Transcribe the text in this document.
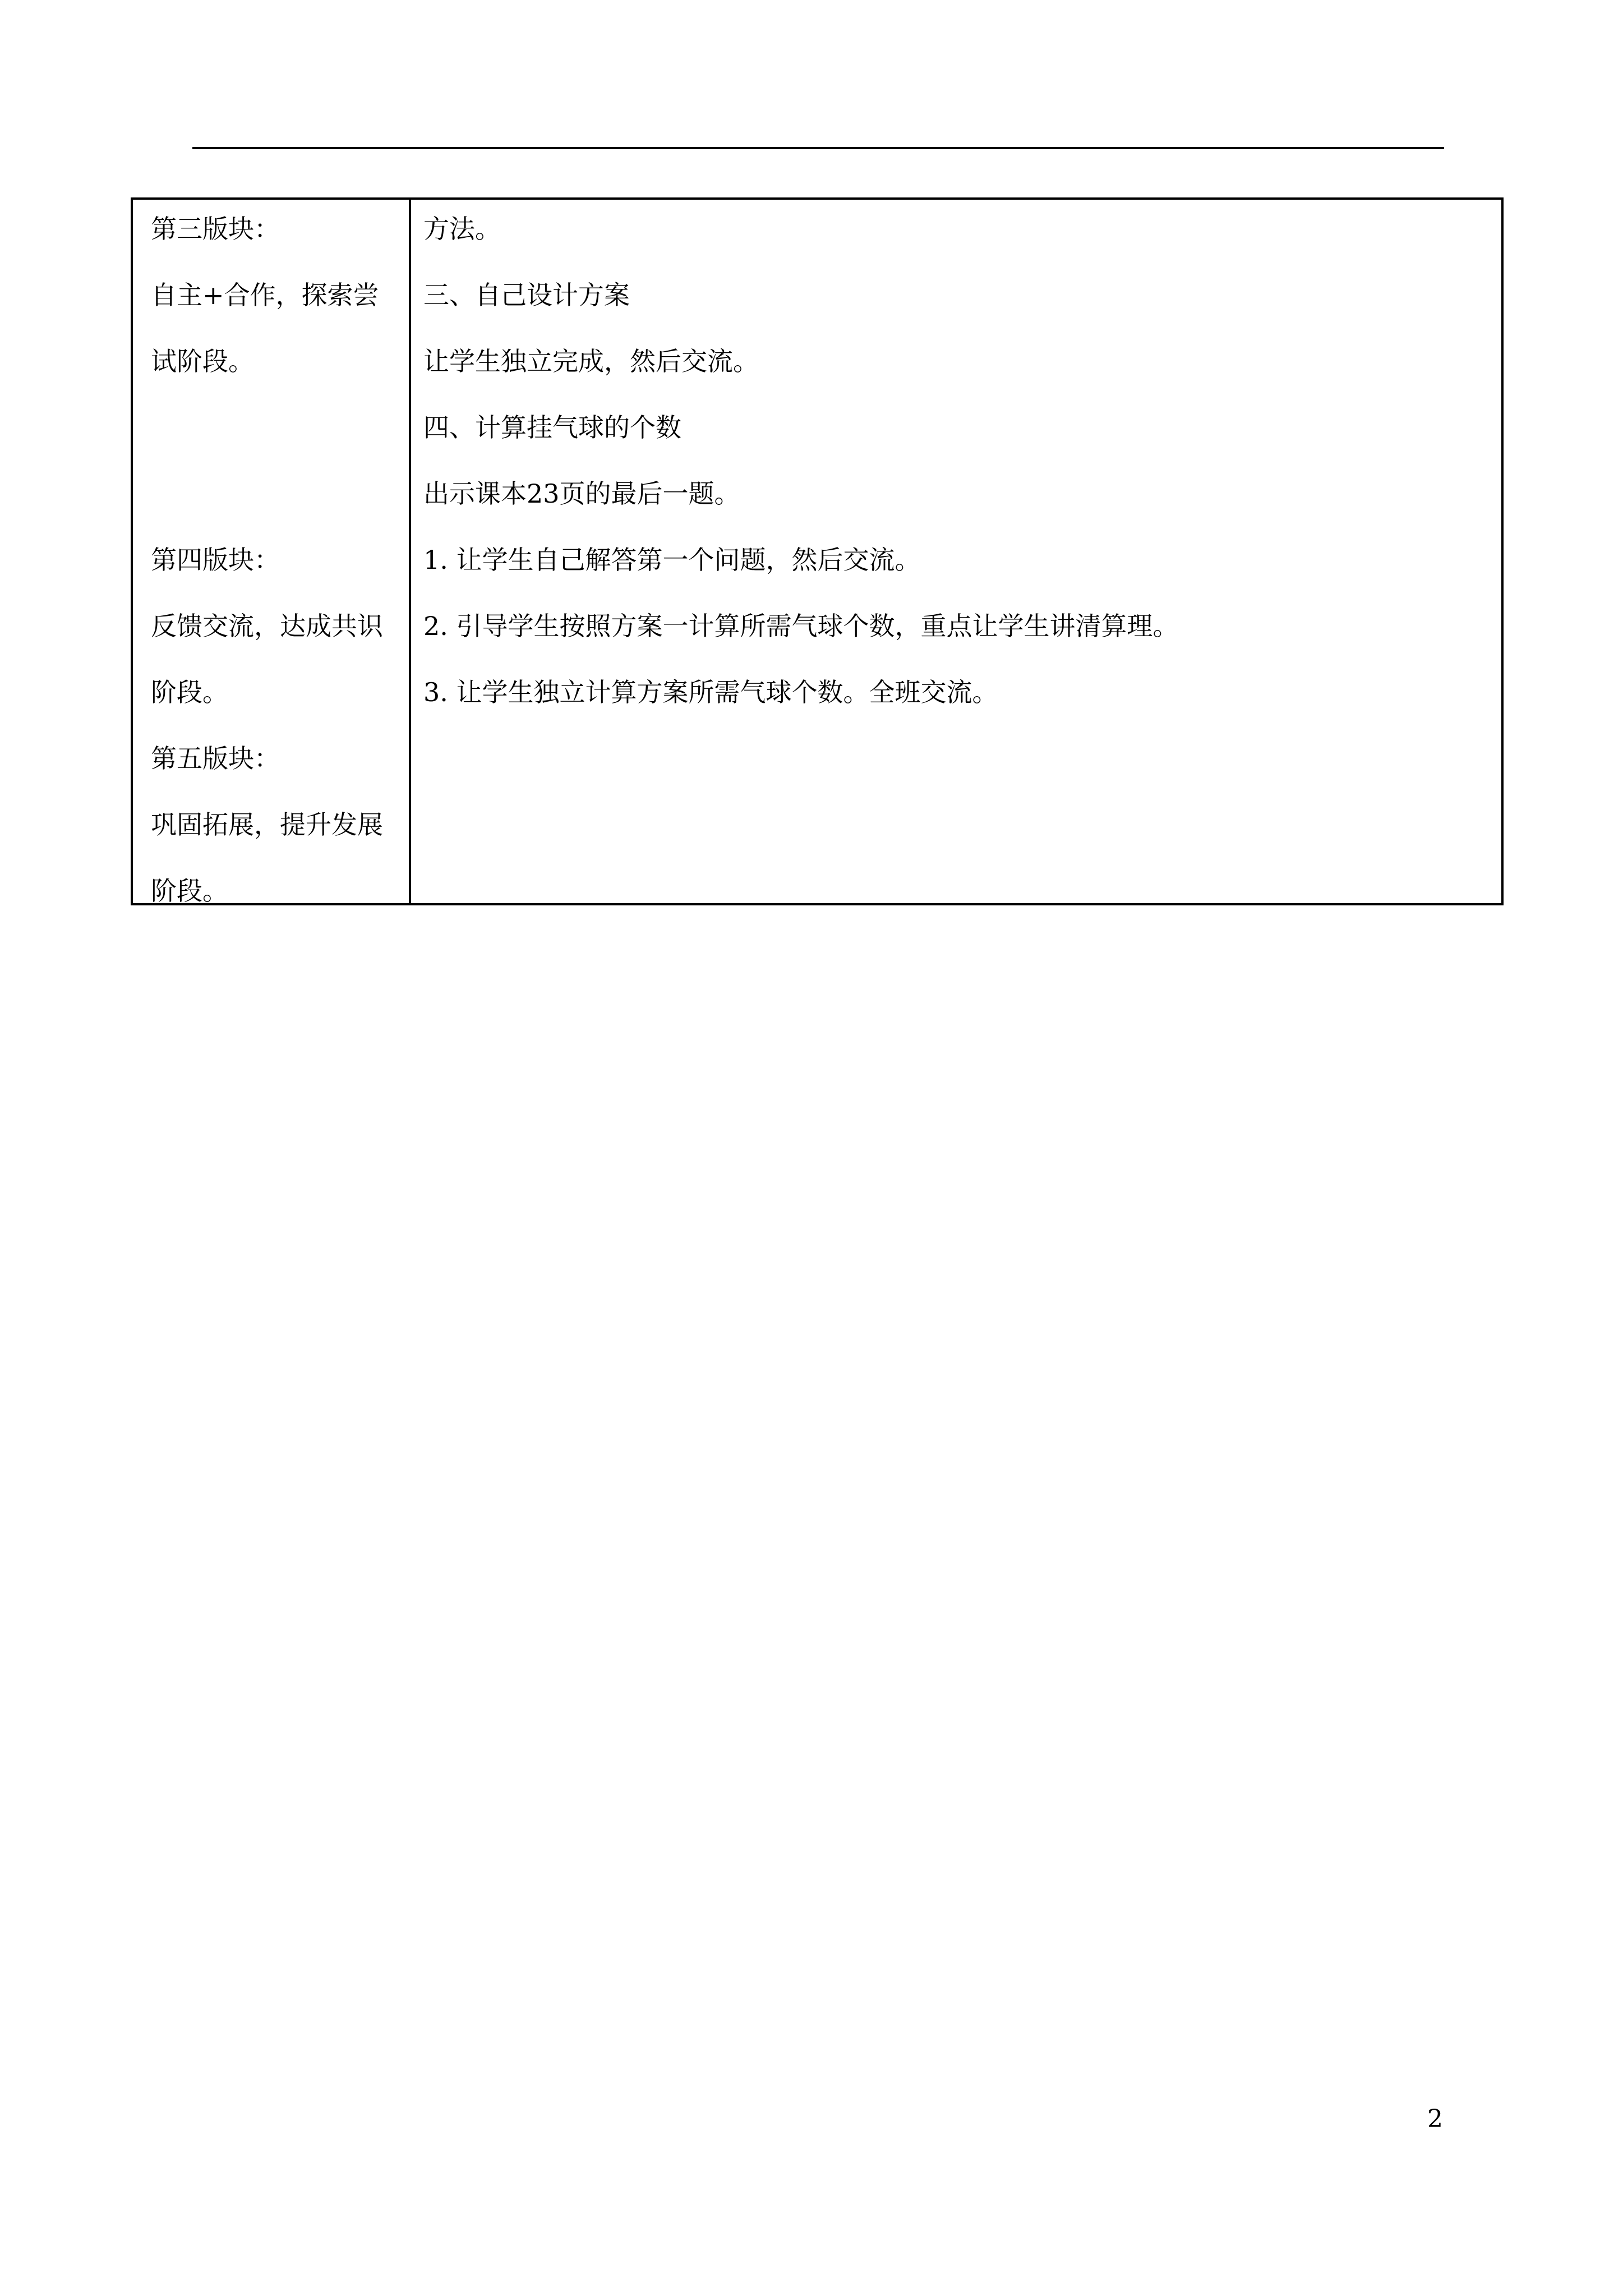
第三版块：
自主+合作，探索尝
试阶段。
第四版块：
反馈交流，达成共识
阶段。
第五版块：
巩固拓展，提升发展
阶段。
方法。
三、自己设计方案
让学生独立完成，然后交流。
四、计算挂气球的个数
出示课本23页的最后一题。
1. 让学生自己解答第一个问题，然后交流。
2. 引导学生按照方案一计算所需气球个数，重点让学生讲清算理。
3. 让学生独立计算方案所需气球个数。全班交流。
2
